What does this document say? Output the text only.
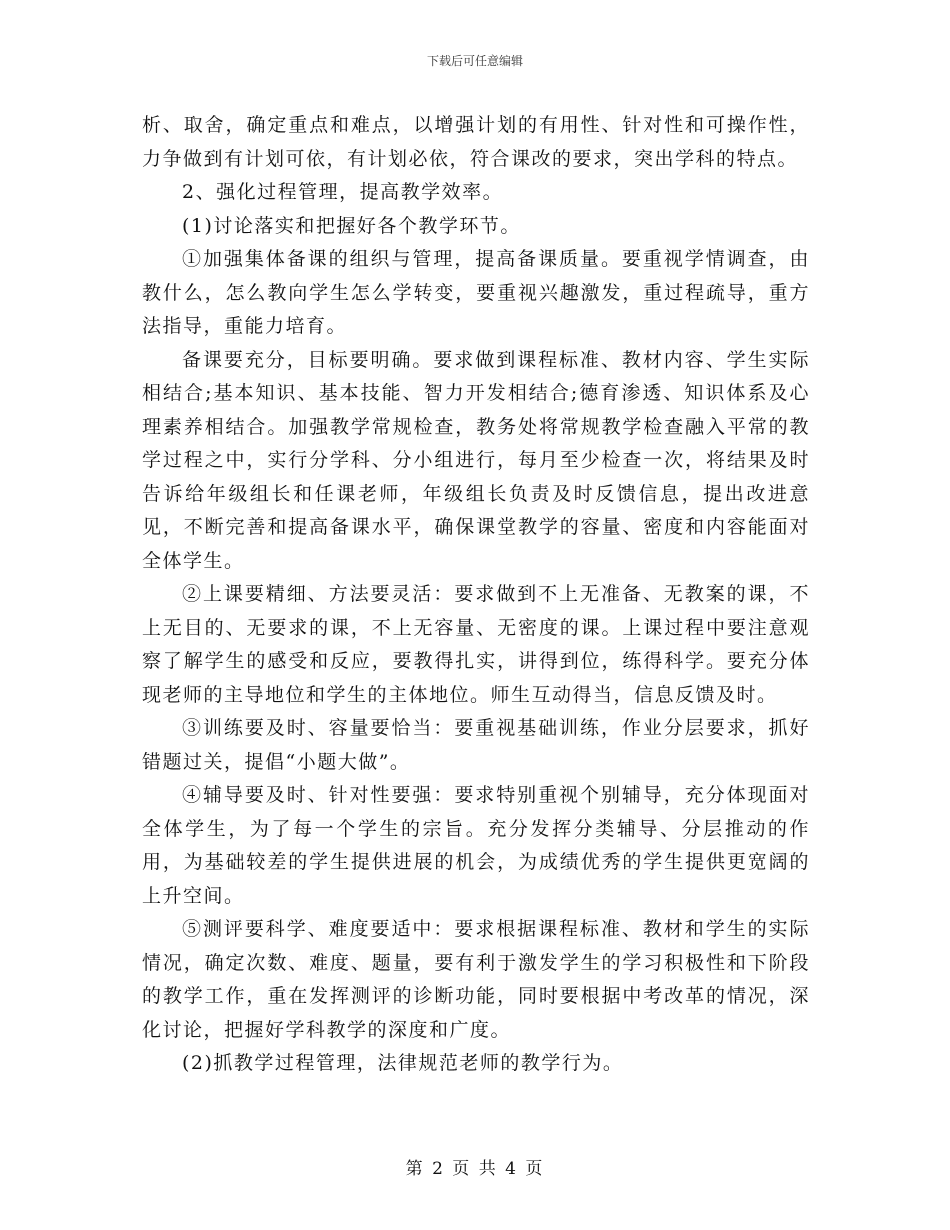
下载后可任意编辑

析、取舍，确定重点和难点，以增强计划的有用性、针对性和可操作性，力争做到有计划可依，有计划必依，符合课改的要求，突出学科的特点。

2、强化过程管理，提高教学效率。

(1)讨论落实和把握好各个教学环节。

①加强集体备课的组织与管理，提高备课质量。要重视学情调查，由教什么，怎么教向学生怎么学转变，要重视兴趣激发，重过程疏导，重方法指导，重能力培育。

备课要充分，目标要明确。要求做到课程标准、教材内容、学生实际相结合;基本知识、基本技能、智力开发相结合;德育渗透、知识体系及心理素养相结合。加强教学常规检查，教务处将常规教学检查融入平常的教学过程之中，实行分学科、分小组进行，每月至少检查一次，将结果及时告诉给年级组长和任课老师，年级组长负责及时反馈信息，提出改进意见，不断完善和提高备课水平，确保课堂教学的容量、密度和内容能面对全体学生。

②上课要精细、方法要灵活：要求做到不上无准备、无教案的课，不上无目的、无要求的课，不上无容量、无密度的课。上课过程中要注意观察了解学生的感受和反应，要教得扎实，讲得到位，练得科学。要充分体现老师的主导地位和学生的主体地位。师生互动得当，信息反馈及时。

③训练要及时、容量要恰当：要重视基础训练，作业分层要求，抓好错题过关，提倡“小题大做”。

④辅导要及时、针对性要强：要求特别重视个别辅导，充分体现面对全体学生，为了每一个学生的宗旨。充分发挥分类辅导、分层推动的作用，为基础较差的学生提供进展的机会，为成绩优秀的学生提供更宽阔的上升空间。

⑤测评要科学、难度要适中：要求根据课程标准、教材和学生的实际情况，确定次数、难度、题量，要有利于激发学生的学习积极性和下阶段的教学工作，重在发挥测评的诊断功能，同时要根据中考改革的情况，深化讨论，把握好学科教学的深度和广度。

(2)抓教学过程管理，法律规范老师的教学行为。

第 2 页 共 4 页
